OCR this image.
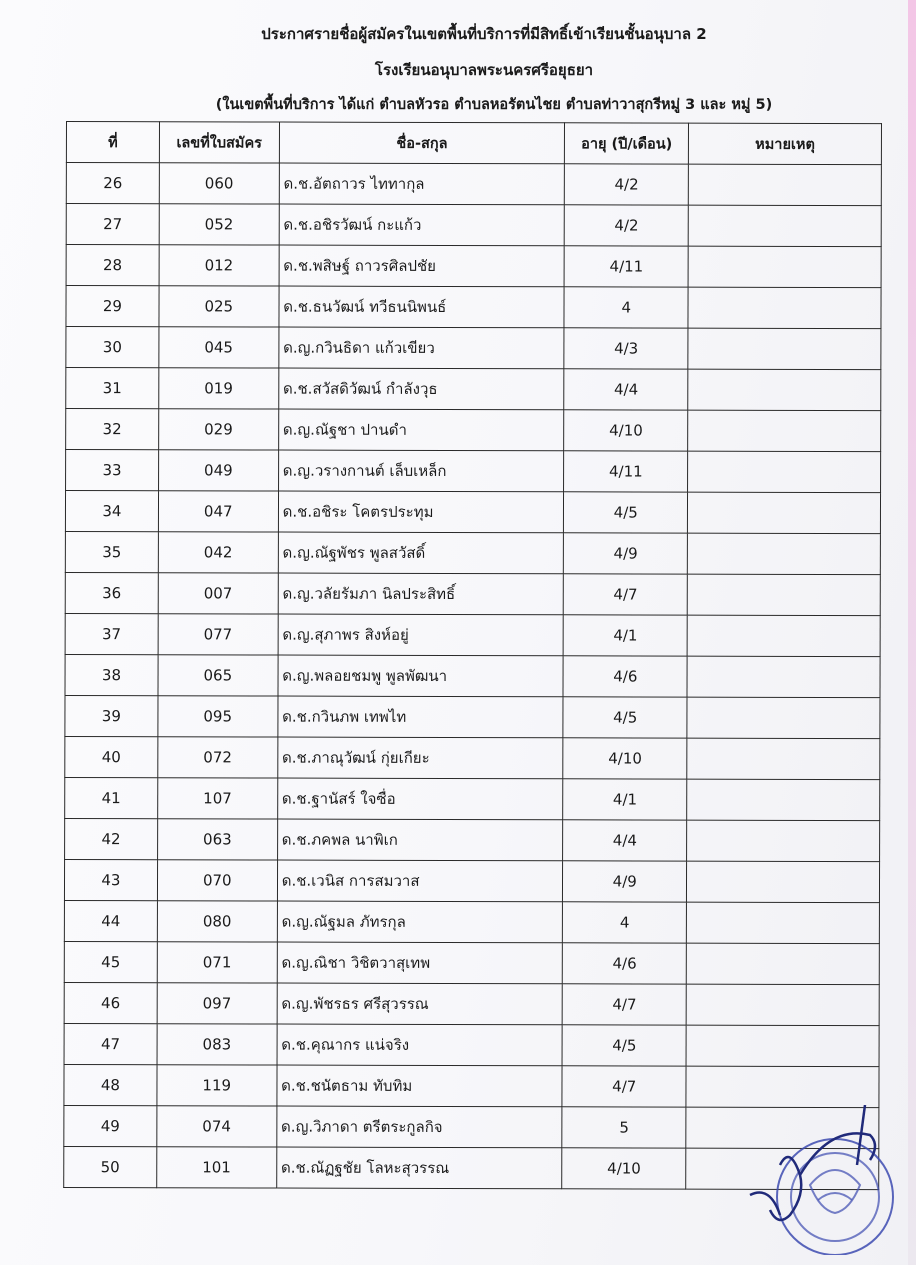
ประกาศรายชื่อผู้สมัครในเขตพื้นที่บริการที่มีสิทธิ์เข้าเรียนชั้นอนุบาล 2
โรงเรียนอนุบาลพระนครศรีอยุธยา
(ในเขตพื้นที่บริการ ได้แก่ ตำบลหัวรอ ตำบลหอรัตนไชย ตำบลท่าวาสุกรีหมู่ 3 และ หมู่ 5)
ที่	เลขที่ใบสมัคร	ชื่อ-สกุล	อายุ (ปี/เดือน)	หมายเหตุ
26	060	ด.ช.อัตถาวร ไททากุล	4/2	
27	052	ด.ช.อชิรวัฒน์ กะแก้ว	4/2	
28	012	ด.ช.พสิษฐ์ ถาวรศิลปชัย	4/11	
29	025	ด.ช.ธนวัฒน์ ทวีธนนิพนธ์	4	
30	045	ด.ญ.กวินธิดา แก้วเขียว	4/3	
31	019	ด.ช.สวัสดิวัฒน์ กำลังวุธ	4/4	
32	029	ด.ญ.ณัฐชา ปานดำ	4/10	
33	049	ด.ญ.วรางกานต์ เล็บเหล็ก	4/11	
34	047	ด.ช.อชิระ โคตรประทุม	4/5	
35	042	ด.ญ.ณัฐพัชร พูลสวัสดิ์	4/9	
36	007	ด.ญ.วลัยรัมภา นิลประสิทธิ์	4/7	
37	077	ด.ญ.สุภาพร สิงห์อยู่	4/1	
38	065	ด.ญ.พลอยชมพู พูลพัฒนา	4/6	
39	095	ด.ช.กวินภพ เทพไท	4/5	
40	072	ด.ช.ภาณุวัฒน์ กุ่ยเกียะ	4/10	
41	107	ด.ช.ฐานัสร์ ใจซื่อ	4/1	
42	063	ด.ช.ภคพล นาพิเก	4/4	
43	070	ด.ช.เวนิส การสมวาส	4/9	
44	080	ด.ญ.ณัฐมล ภัทรกุล	4	
45	071	ด.ญ.ณิชา วิชิตวาสุเทพ	4/6	
46	097	ด.ญ.พัชรธร ศรีสุวรรณ	4/7	
47	083	ด.ช.คุณากร แน่จริง	4/5	
48	119	ด.ช.ชนัตธาม ทับทิม	4/7	
49	074	ด.ญ.วิภาดา ตรีตระกูลกิจ	5	
50	101	ด.ช.ณัฏฐชัย โลหะสุวรรณ	4/10	
